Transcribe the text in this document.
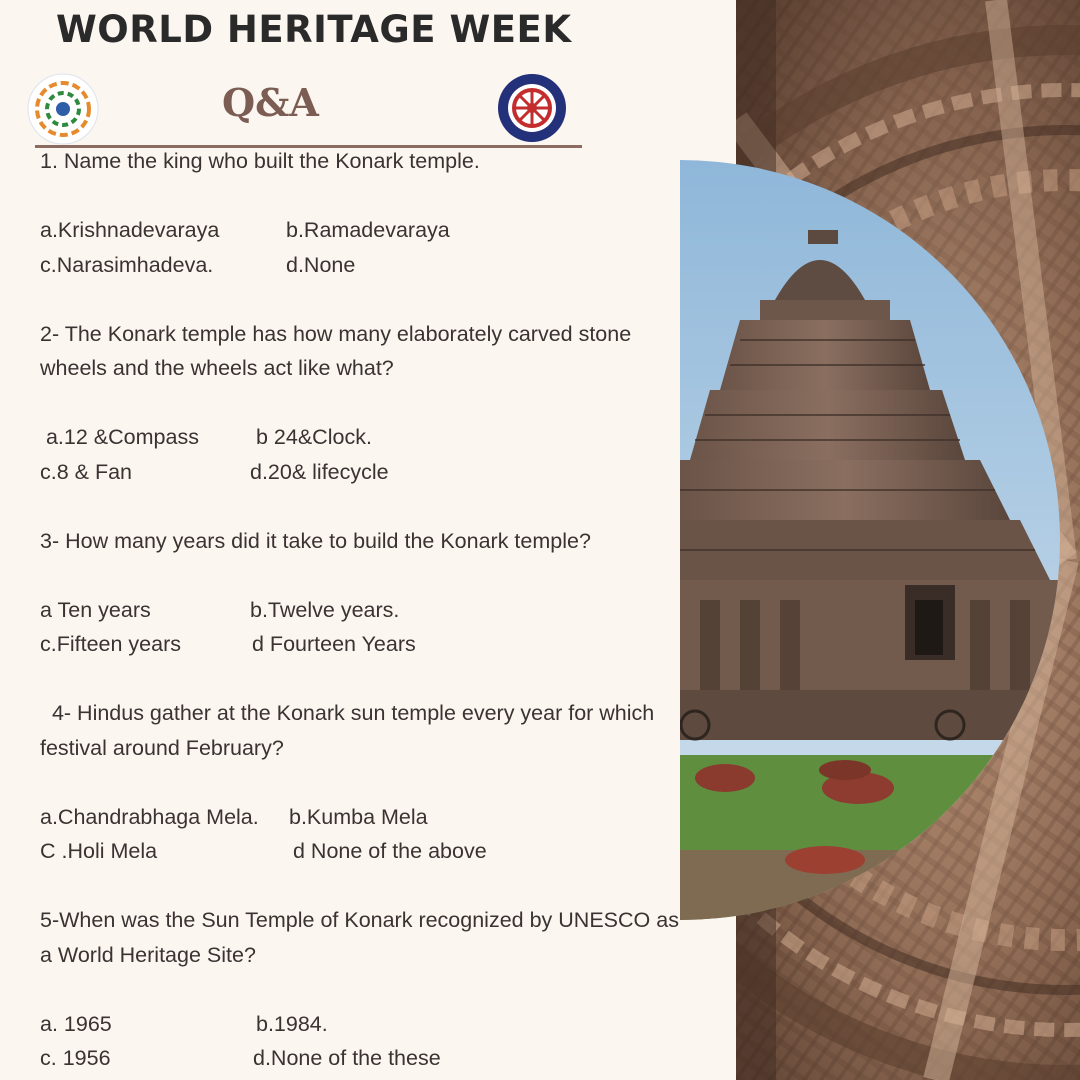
WORLD HERITAGE WEEK
Q&A
1. Name the king who built the Konark temple.
a.Krishnadevaraya	b.Ramadevaraya
c.Narasimhadeva.	d.None
2- The Konark temple has how many elaborately carved stone
wheels and the wheels act like what?
a.12 &Compass	b 24&Clock.
c.8 & Fan	d.20& lifecycle
3- How many years did it take to build the Konark temple?
a Ten years	b.Twelve years.
c.Fifteen years	d Fourteen Years
4- Hindus gather at the Konark sun temple every year for which
festival around February?
a.Chandrabhaga Mela.	b.Kumba Mela
C .Holi Mela	d None of the above
5-When was the Sun Temple of Konark recognized by UNESCO as
a World Heritage Site?
a. 1965	b.1984.
c. 1956	d.None of the these
